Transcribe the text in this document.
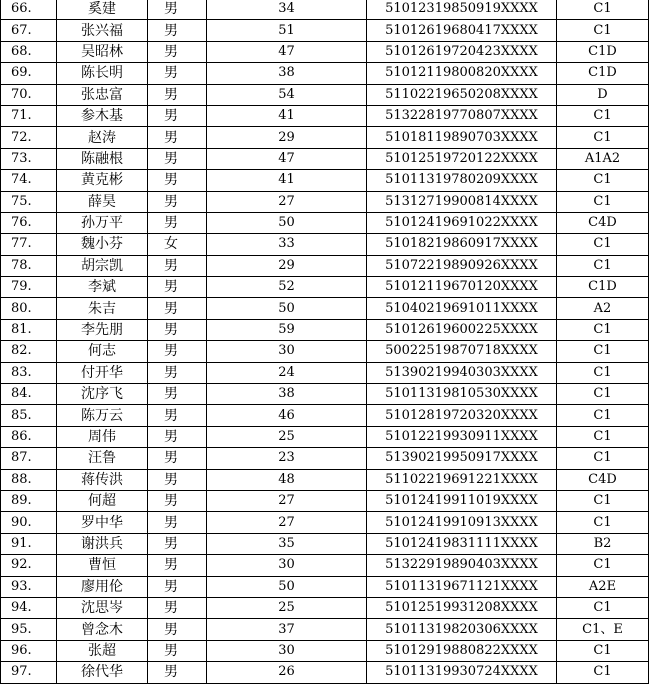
66.	奚建	男	34	51012319850919XXXX	C1
67.	张兴福	男	51	51012619680417XXXX	C1
68.	吴昭林	男	47	51012619720423XXXX	C1D
69.	陈长明	男	38	51012119800820XXXX	C1D
70.	张忠富	男	54	51102219650208XXXX	D
71.	参木基	男	41	51322819770807XXXX	C1
72.	赵涛	男	29	51018119890703XXXX	C1
73.	陈融根	男	47	51012519720122XXXX	A1A2
74.	黄克彬	男	41	51011319780209XXXX	C1
75.	薛昊	男	27	51312719900814XXXX	C1
76.	孙万平	男	50	51012419691022XXXX	C4D
77.	魏小芬	女	33	51018219860917XXXX	C1
78.	胡宗凯	男	29	51072219890926XXXX	C1
79.	李斌	男	52	51012119670120XXXX	C1D
80.	朱吉	男	50	51040219691011XXXX	A2
81.	李先朋	男	59	51012619600225XXXX	C1
82.	何志	男	30	50022519870718XXXX	C1
83.	付开华	男	24	51390219940303XXXX	C1
84.	沈序飞	男	38	51011319810530XXXX	C1
85.	陈万云	男	46	51012819720320XXXX	C1
86.	周伟	男	25	51012219930911XXXX	C1
87.	汪鲁	男	23	51390219950917XXXX	C1
88.	蒋传洪	男	48	51102219691221XXXX	C4D
89.	何超	男	27	51012419911019XXXX	C1
90.	罗中华	男	27	51012419910913XXXX	C1
91.	谢洪兵	男	35	51012419831111XXXX	B2
92.	曹恒	男	30	51322919890403XXXX	C1
93.	廖用伦	男	50	51011319671121XXXX	A2E
94.	沈思岑	男	25	51012519931208XXXX	C1
95.	曾念木	男	37	51011319820306XXXX	C1、E
96.	张超	男	30	51012919880822XXXX	C1
97.	徐代华	男	26	51011319930724XXXX	C1
